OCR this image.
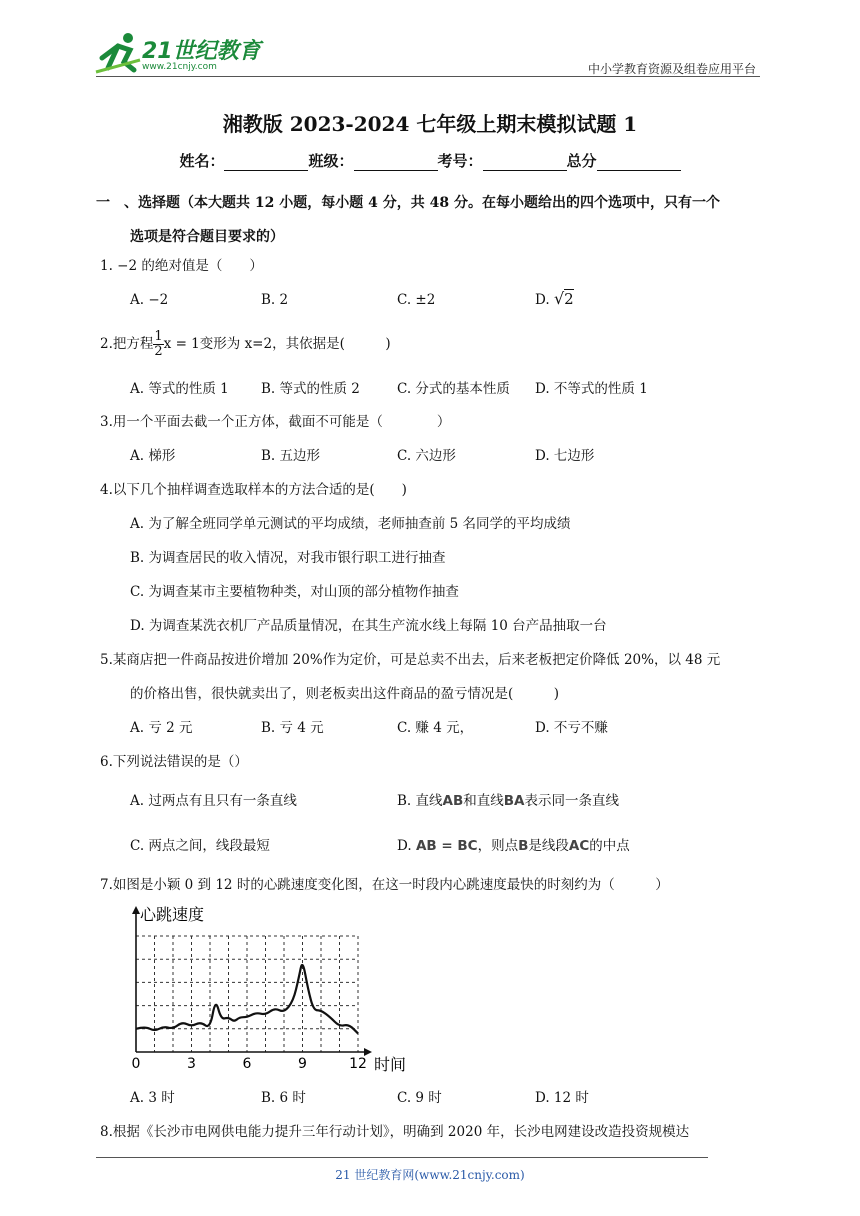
21世纪教育
www.21cnjy.com	中小学教育资源及组卷应用平台
湘教版 2023-2024 七年级上期末模拟试题 1
姓名：	班级：	考号：	总分
一　、选择题（本大题共 12 小题，每小题 4 分，共 48 分。在每小题给出的四个选项中，只有一个
选项是符合题目要求的）
1. −2 的绝对值是（　　）
A. −2	B. 2	C. ±2	D. √2
2.把方程 $\frac{1}{2}$ x = 1变形为 x=2，其依据是(　　　)
A. 等式的性质 1 B. 等式的性质 2	C. 分式的基本性质 D. 不等式的性质 1
3.用一个平面去截一个正方体，截面不可能是（　　　　）
A. 梯形	B. 五边形	C. 六边形	D. 七边形
4.以下几个抽样调查选取样本的方法合适的是(　　)
A. 为了解全班同学单元测试的平均成绩，老师抽查前 5 名同学的平均成绩
B. 为调查居民的收入情况，对我市银行职工进行抽查
C. 为调查某市主要植物种类，对山顶的部分植物作抽查
D. 为调查某洗衣机厂产品质量情况，在其生产流水线上每隔 10 台产品抽取一台
5.某商店把一件商品按进价增加 20%作为定价，可是总卖不出去，后来老板把定价降低 20%，以 48 元
的价格出售，很快就卖出了，则老板卖出这件商品的盈亏情况是(　　　)
A. 亏 2 元	B. 亏 4 元	C. 赚 4 元，	D. 不亏不赚
6.下列说法错误的是（）
A. 过两点有且只有一条直线	B. 直线AB和直线BA表示同一条直线
C. 两点之间，线段最短	D. AB = BC，则点B是线段AC的中点
7.如图是小颖 0 到 12 时的心跳速度变化图，在这一时段内心跳速度最快的时刻约为（　　　）
0	3	6	9	12
心跳速度
时间
A. 3 时	B. 6 时	C. 9 时	D. 12 时
8.根据《长沙市电网供电能力提升三年行动计划》，明确到 2020 年，长沙电网建设改造投资规模达
21 世纪教育网(www.21cnjy.com)
